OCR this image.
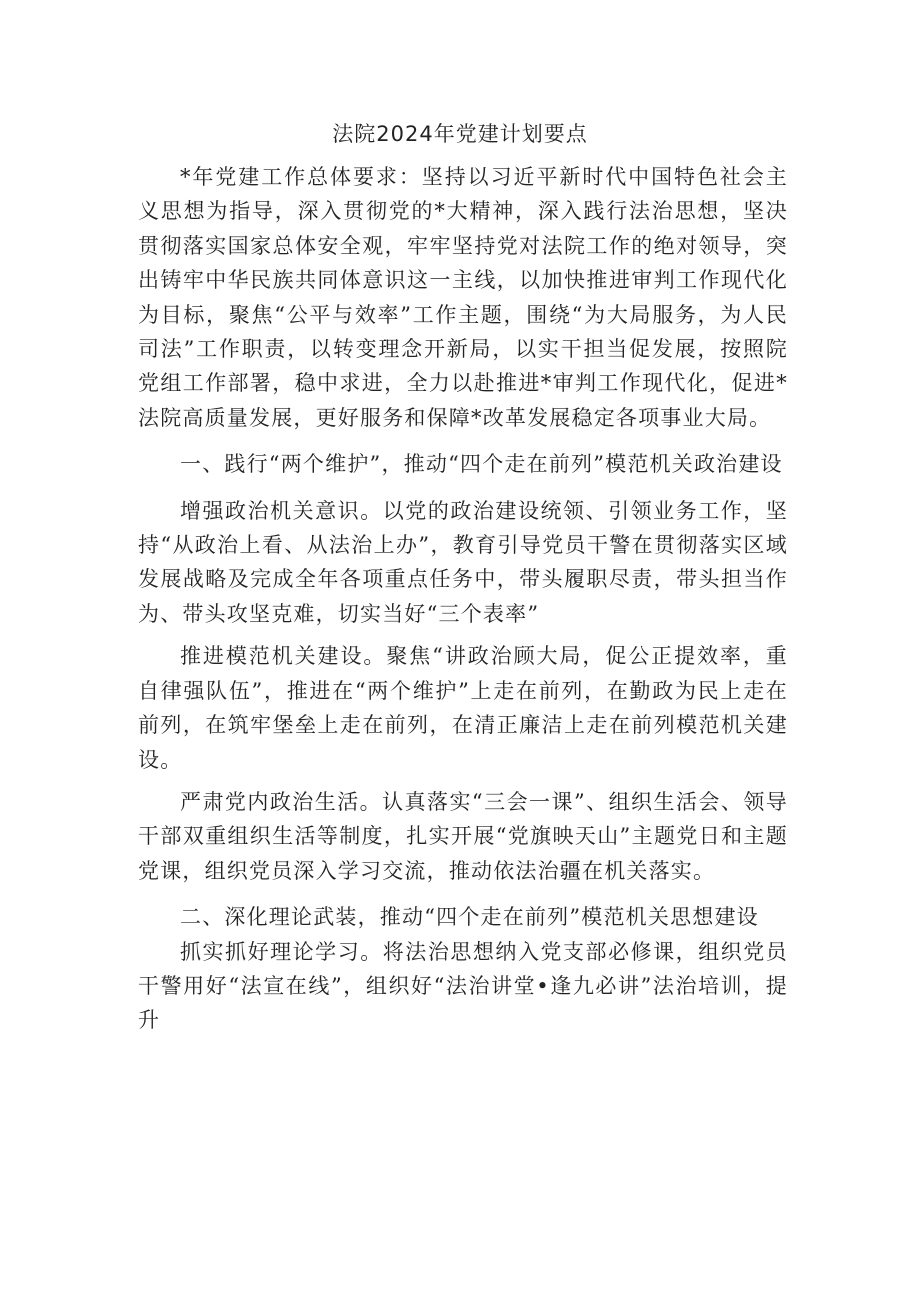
法院2024年党建计划要点

*年党建工作总体要求：坚持以习近平新时代中国特色社会主义思想为指导，深入贯彻党的*大精神，深入践行法治思想，坚决贯彻落实国家总体安全观，牢牢坚持党对法院工作的绝对领导，突出铸牢中华民族共同体意识这一主线，以加快推进审判工作现代化为目标，聚焦“公平与效率”工作主题，围绕“为大局服务，为人民司法”工作职责，以转变理念开新局，以实干担当促发展，按照院党组工作部署，稳中求进，全力以赴推进*审判工作现代化，促进*法院高质量发展，更好服务和保障*改革发展稳定各项事业大局。

一、践行“两个维护”，推动“四个走在前列”模范机关政治建设

增强政治机关意识。以党的政治建设统领、引领业务工作，坚持“从政治上看、从法治上办”，教育引导党员干警在贯彻落实区域发展战略及完成全年各项重点任务中，带头履职尽责，带头担当作为、带头攻坚克难，切实当好“三个表率”

推进模范机关建设。聚焦“讲政治顾大局，促公正提效率，重自律强队伍”，推进在“两个维护”上走在前列，在勤政为民上走在前列，在筑牢堡垒上走在前列，在清正廉洁上走在前列模范机关建设。

严肃党内政治生活。认真落实“三会一课”、组织生活会、领导干部双重组织生活等制度，扎实开展“党旗映天山”主题党日和主题党课，组织党员深入学习交流，推动依法治疆在机关落实。

二、深化理论武装，推动“四个走在前列”模范机关思想建设

抓实抓好理论学习。将法治思想纳入党支部必修课，组织党员干警用好“法宣在线”，组织好“法治讲堂•逢九必讲”法治培训，提升
